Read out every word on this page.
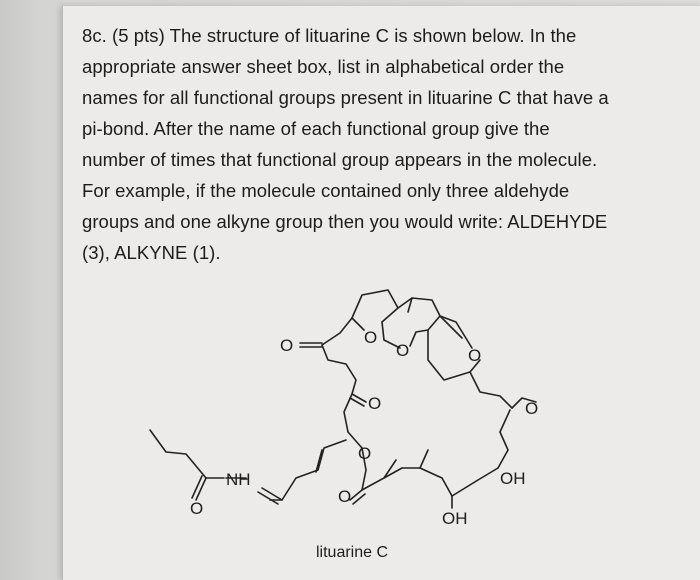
8c. (5 pts) The structure of lituarine C is shown below. In the
appropriate answer sheet box, list in alphabetical order the
names for all functional groups present in lituarine C that have a
pi-bond. After the name of each functional group give the
number of times that functional group appears in the molecule.
For example, if the molecule contained only three aldehyde
groups and one alkyne group then you would write: ALDEHYDE
(3), ALKYNE (1).
O	O
O	O
O	O
O
O
O
NH	OH
OH
lituarine C
